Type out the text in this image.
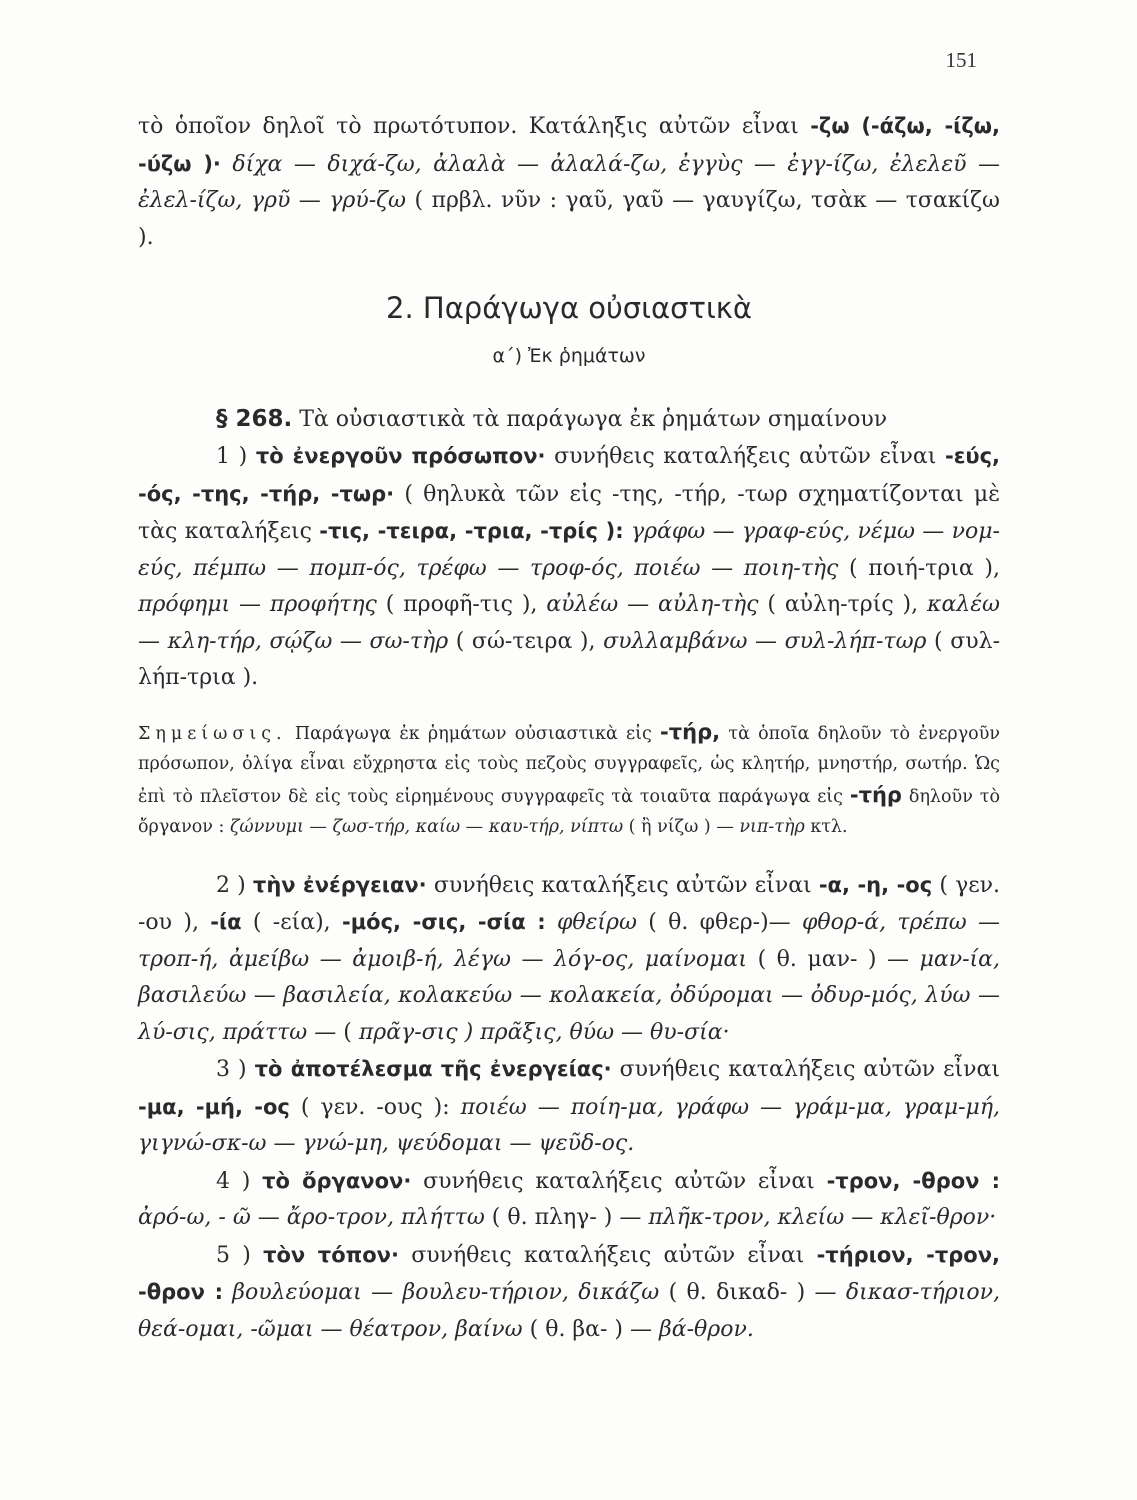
151

τὸ ὁποῖον δηλοῖ τὸ πρωτότυπον. Κατάληξις αὐτῶν εἶναι -ζω (-άζω, -ίζω, -ύζω )· δίχα — διχά-ζω, ἀλαλὰ — ἀλαλά-ζω, ἐγγὺς — ἐγγ-ίζω, ἐλελεῦ — ἐλελ-ίζω, γρῦ — γρύ-ζω ( πρβλ. νῦν : γαῦ, γαῦ — γαυγίζω, τσὰκ — τσακίζω ).

2. Παράγωγα οὐσιαστικὰ
α΄) Ἐκ ῥημάτων

§ 268. Τὰ οὐσιαστικὰ τὰ παράγωγα ἐκ ῥημάτων σημαίνουν

1 ) τὸ ἐνεργοῦν πρόσωπον· συνήθεις καταλήξεις αὐτῶν εἶναι -εύς, -ός, -της, -τήρ, -τωρ· ( θηλυκὰ τῶν εἰς -της, -τήρ, -τωρ σχηματίζονται μὲ τὰς καταλήξεις -τις, -τειρα, -τρια, -τρίς ): γράφω — γραφ-εύς, νέμω — νομ-εύς, πέμπω — πομπ-ός, τρέφω — τροφ-ός, ποιέω — ποιη-τὴς ( ποιή-τρια ), πρόφημι — προφήτης ( προφῆ-τις ), αὐλέω — αὐλη-τὴς ( αὐλη-τρίς ), καλέω — κλη-τήρ, σῴζω — σω-τὴρ ( σώ-τειρα ), συλλαμβάνω — συλ-λήπ-τωρ ( συλ-λήπ-τρια ).

Σημείωσις. Παράγωγα ἐκ ῥημάτων οὐσιαστικὰ εἰς -τήρ, τὰ ὁποῖα δηλοῦν τὸ ἐνεργοῦν πρόσωπον, ὀλίγα εἶναι εὔχρηστα εἰς τοὺς πεζοὺς συγγραφεῖς, ὡς κλητήρ, μνηστήρ, σωτήρ. Ὡς ἐπὶ τὸ πλεῖστον δὲ εἰς τοὺς εἰρημένους συγγραφεῖς τὰ τοιαῦτα παράγωγα εἰς -τήρ δηλοῦν τὸ ὄργανον : ζώννυμι — ζωσ-τήρ, καίω — καυ-τήρ, νίπτω ( ἢ νίζω ) — νιπ-τὴρ κτλ.

2 ) τὴν ἐνέργειαν· συνήθεις καταλήξεις αὐτῶν εἶναι -α, -η, -ος ( γεν. -ου ), -ία ( -εία), -μός, -σις, -σία : φθείρω ( θ. φθερ-)— φθορ-ά, τρέπω — τροπ-ή, ἀμείβω — ἀμοιβ-ή, λέγω — λόγ-ος, μαίνομαι ( θ. μαν- ) — μαν-ία, βασιλεύω — βασιλεία, κολακεύω — κολακεία, ὀδύρομαι — ὀδυρ-μός, λύω — λύ-σις, πράττω — ( πρᾶγ-σις ) πρᾶξις, θύω — θυ-σία·

3 ) τὸ ἀποτέλεσμα τῆς ἐνεργείας· συνήθεις καταλήξεις αὐτῶν εἶναι -μα, -μή, -ος ( γεν. -ους ): ποιέω — ποίη-μα, γράφω — γράμ-μα, γραμ-μή, γιγνώ-σκ-ω — γνώ-μη, ψεύδομαι — ψεῦδ-ος.

4 ) τὸ ὄργανον· συνήθεις καταλήξεις αὐτῶν εἶναι -τρον, -θρον : ἀρό-ω, - ῶ — ἄρο-τρον, πλήττω ( θ. πληγ- ) — πλῆκ-τρον, κλείω — κλεῖ-θρον·

5 ) τὸν τόπον· συνήθεις καταλήξεις αὐτῶν εἶναι -τήριον, -τρον, -θρον : βουλεύομαι — βουλευ-τήριον, δικάζω ( θ. δικαδ- ) — δικασ-τήριον, θεά-ομαι, -ῶμαι — θέατρον, βαίνω ( θ. βα- ) — βά-θρον.
